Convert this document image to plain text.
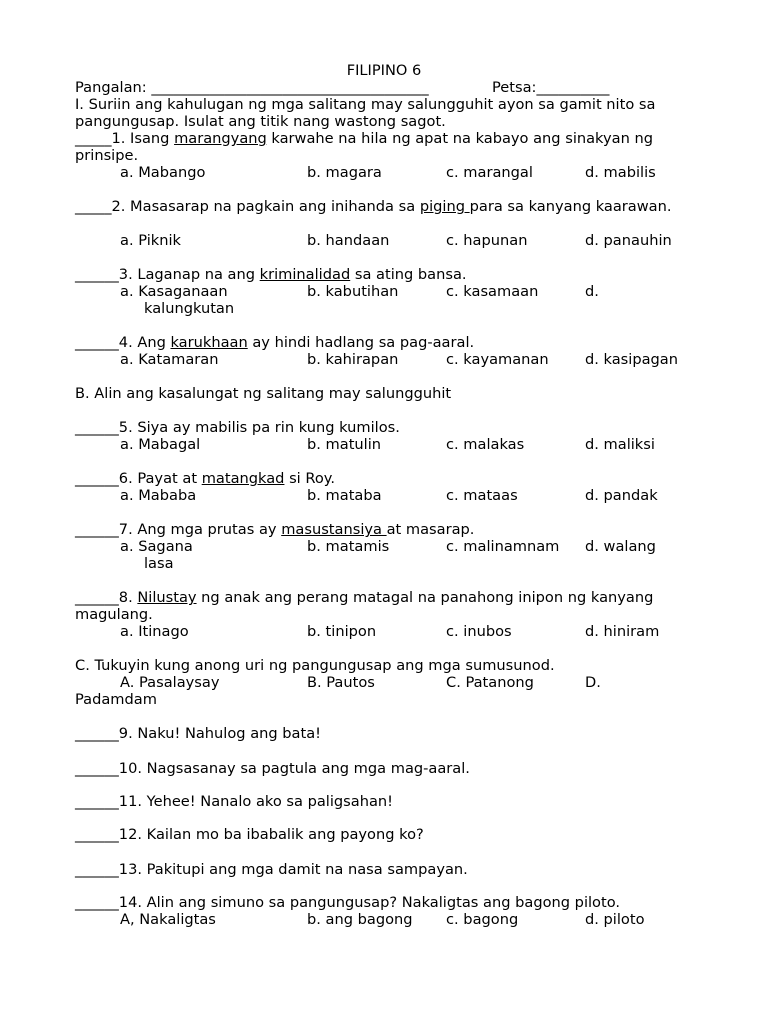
FILIPINO 6
Pangalan: ______________________________________	Petsa:__________
I. Suriin ang kahulugan ng mga salitang may salungguhit ayon sa gamit nito sa pangungusap. Isulat ang titik nang wastong sagot.
_____1. Isang marangyang karwahe na hila ng apat na kabayo ang sinakyan ng prinsipe.
a. Mabango	b. magara	c. marangal	d. mabilis
_____2. Masasarap na pagkain ang inihanda sa piging para sa kanyang kaarawan.
a. Piknik	b. handaan	c. hapunan	d. panauhin
______3. Laganap na ang kriminalidad sa ating bansa.
a. Kasaganaan	b. kabutihan	c. kasamaan	d.
kalungkutan
______4. Ang karukhaan ay hindi hadlang sa pag-aaral.
a. Katamaran	b. kahirapan	c. kayamanan d. kasipagan
B. Alin ang kasalungat ng salitang may salungguhit
______5. Siya ay mabilis pa rin kung kumilos.
a. Mabagal	b. matulin	c. malakas	d. maliksi
______6. Payat at matangkad si Roy.
a. Mababa	b. mataba	c. mataas	d. pandak
______7. Ang mga prutas ay masustansiya at masarap.
a. Sagana	b. matamis	c. malinamnam d. walang
lasa
______8. Nilustay ng anak ang perang matagal na panahong inipon ng kanyang magulang.
a. Itinago	b. tinipon	c. inubos	d. hiniram
C. Tukuyin kung anong uri ng pangungusap ang mga sumusunod.
A. Pasalaysay	B. Pautos	C. Patanong	D.
Padamdam
______9. Naku! Nahulog ang bata!
______10. Nagsasanay sa pagtula ang mga mag-aaral.
______11. Yehee! Nanalo ako sa paligsahan!
______12. Kailan mo ba ibabalik ang payong ko?
______13. Pakitupi ang mga damit na nasa sampayan.
______14. Alin ang simuno sa pangungusap? Nakaligtas ang bagong piloto.
A, Nakaligtas	b. ang bagong c. bagong	d. piloto
